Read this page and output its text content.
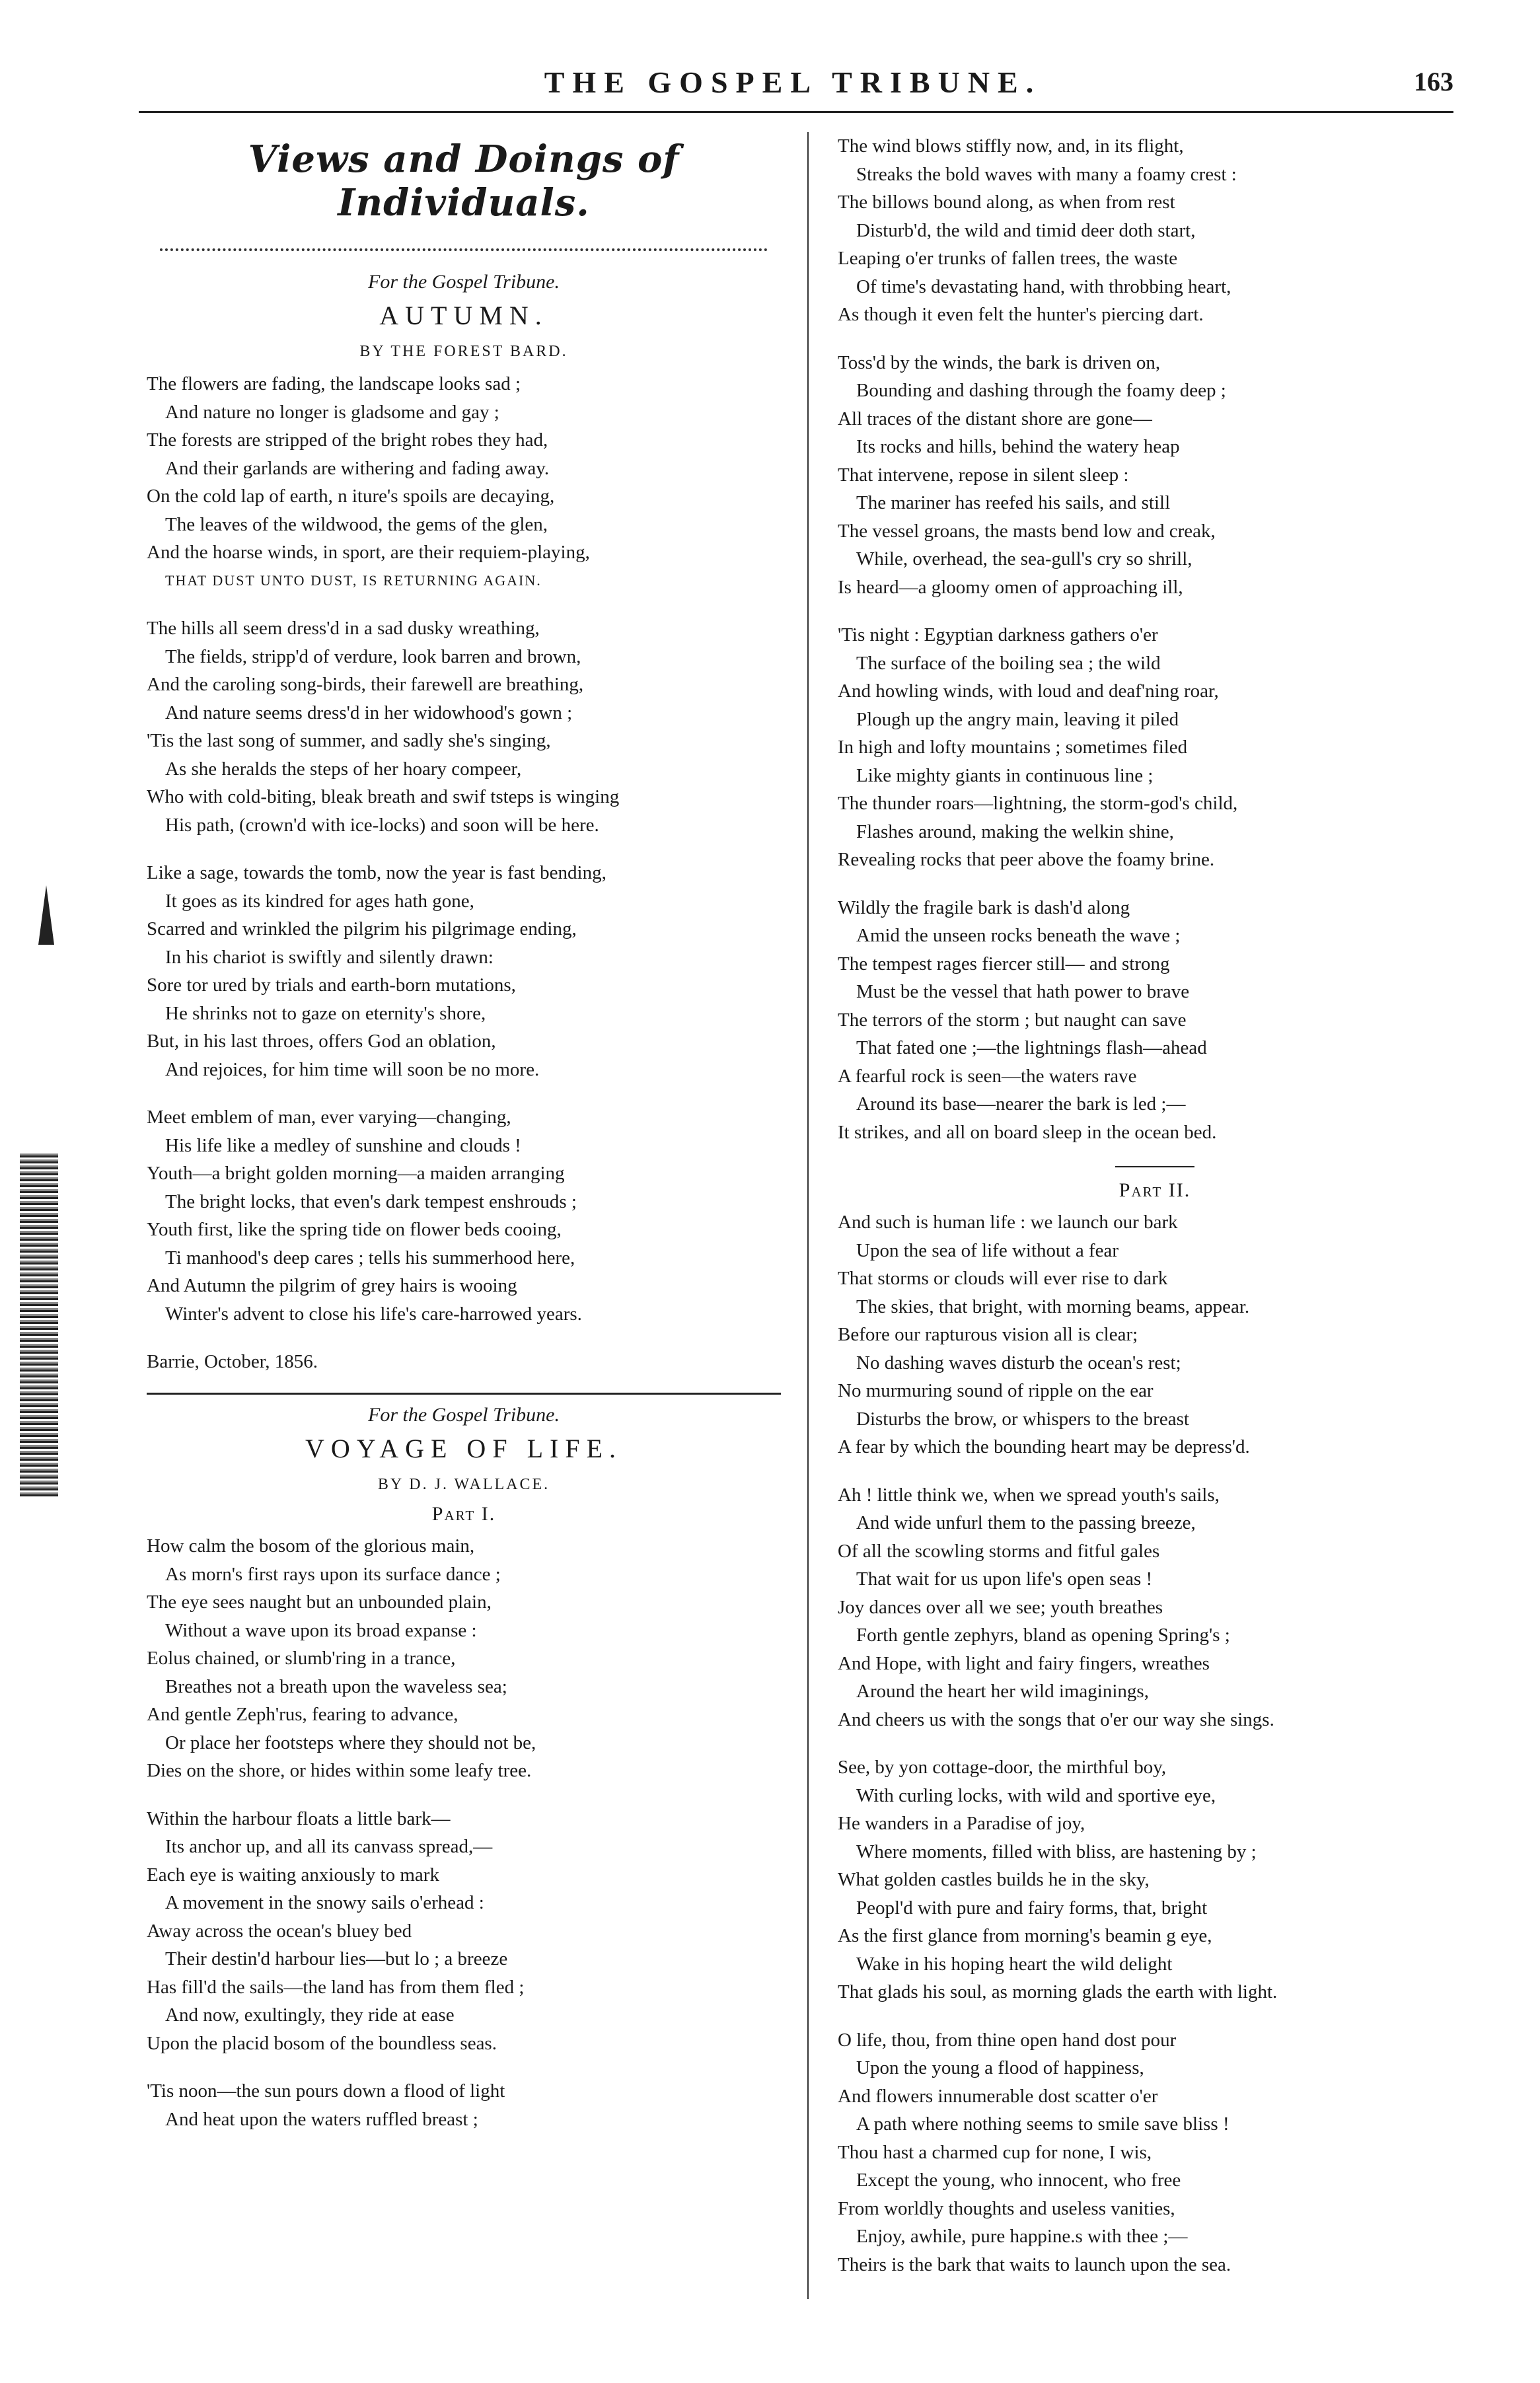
THE GOSPEL TRIBUNE.	163
Views and Doings of Individuals.
For the Gospel Tribune.
AUTUMN.
BY THE FOREST BARD.
The flowers are fading, the landscape looks sad ;
And nature no longer is gladsome and gay ;
The forests are stripped of the bright robes they had,
And their garlands are withering and fading away.
On the cold lap of earth, n iture's spoils are decaying,
The leaves of the wildwood, the gems of the glen,
And the hoarse winds, in sport, are their requiem-playing,
THAT DUST UNTO DUST, IS RETURNING AGAIN.
The hills all seem dress'd in a sad dusky wreathing,
The fields, stripp'd of verdure, look barren and brown,
And the caroling song-birds, their farewell are breathing,
And nature seems dress'd in her widowhood's gown ;
'Tis the last song of summer, and sadly she's singing,
As she heralds the steps of her hoary compeer,
Who with cold-biting, bleak breath and swif tsteps is winging
His path, (crown'd with ice-locks) and soon will be here.
Like a sage, towards the tomb, now the year is fast bending,
It goes as its kindred for ages hath gone,
Scarred and wrinkled the pilgrim his pilgrimage ending,
In his chariot is swiftly and silently drawn:
Sore tor ured by trials and earth-born mutations,
He shrinks not to gaze on eternity's shore,
But, in his last throes, offers God an oblation,
And rejoices, for him time will soon be no more.
Meet emblem of man, ever varying—changing,
His life like a medley of sunshine and clouds !
Youth—a bright golden morning—a maiden arranging
The bright locks, that even's dark tempest enshrouds ;
Youth first, like the spring tide on flower beds cooing,
Ti manhood's deep cares ; tells his summerhood here,
And Autumn the pilgrim of grey hairs is wooing
Winter's advent to close his life's care-harrowed years.
Barrie, October, 1856.
For the Gospel Tribune.
VOYAGE OF LIFE.
BY D. J. WALLACE.
Part I.
How calm the bosom of the glorious main,
As morn's first rays upon its surface dance ;
The eye sees naught but an unbounded plain,
Without a wave upon its broad expanse :
Eolus chained, or slumb'ring in a trance,
Breathes not a breath upon the waveless sea;
And gentle Zeph'rus, fearing to advance,
Or place her footsteps where they should not be,
Dies on the shore, or hides within some leafy tree.
Within the harbour floats a little bark—
Its anchor up, and all its canvass spread,—
Each eye is waiting anxiously to mark
A movement in the snowy sails o'erhead :
Away across the ocean's bluey bed
Their destin'd harbour lies—but lo ; a breeze
Has fill'd the sails—the land has from them fled ;
And now, exultingly, they ride at ease
Upon the placid bosom of the boundless seas.
'Tis noon—the sun pours down a flood of light
And heat upon the waters ruffled breast ;
The wind blows stiffly now, and, in its flight,
Streaks the bold waves with many a foamy crest :
The billows bound along, as when from rest
Disturb'd, the wild and timid deer doth start,
Leaping o'er trunks of fallen trees, the waste
Of time's devastating hand, with throbbing heart,
As though it even felt the hunter's piercing dart.
Toss'd by the winds, the bark is driven on,
Bounding and dashing through the foamy deep ;
All traces of the distant shore are gone—
Its rocks and hills, behind the watery heap
That intervene, repose in silent sleep :
The mariner has reefed his sails, and still
The vessel groans, the masts bend low and creak,
While, overhead, the sea-gull's cry so shrill,
Is heard—a gloomy omen of approaching ill,
'Tis night : Egyptian darkness gathers o'er
The surface of the boiling sea ; the wild
And howling winds, with loud and deaf'ning roar,
Plough up the angry main, leaving it piled
In high and lofty mountains ; sometimes filed
Like mighty giants in continuous line ;
The thunder roars—lightning, the storm-god's child,
Flashes around, making the welkin shine,
Revealing rocks that peer above the foamy brine.
Wildly the fragile bark is dash'd along
Amid the unseen rocks beneath the wave ;
The tempest rages fiercer still— and strong
Must be the vessel that hath power to brave
The terrors of the storm ; but naught can save
That fated one ;—the lightnings flash—ahead
A fearful rock is seen—the waters rave
Around its base—nearer the bark is led ;—
It strikes, and all on board sleep in the ocean bed.
Part II.
And such is human life : we launch our bark
Upon the sea of life without a fear
That storms or clouds will ever rise to dark
The skies, that bright, with morning beams, appear.
Before our rapturous vision all is clear;
No dashing waves disturb the ocean's rest;
No murmuring sound of ripple on the ear
Disturbs the brow, or whispers to the breast
A fear by which the bounding heart may be depress'd.
Ah ! little think we, when we spread youth's sails,
And wide unfurl them to the passing breeze,
Of all the scowling storms and fitful gales
That wait for us upon life's open seas !
Joy dances over all we see; youth breathes
Forth gentle zephyrs, bland as opening Spring's ;
And Hope, with light and fairy fingers, wreathes
Around the heart her wild imaginings,
And cheers us with the songs that o'er our way she sings.
See, by yon cottage-door, the mirthful boy,
With curling locks, with wild and sportive eye,
He wanders in a Paradise of joy,
Where moments, filled with bliss, are hastening by ;
What golden castles builds he in the sky,
Peopl'd with pure and fairy forms, that, bright
As the first glance from morning's beamin g eye,
Wake in his hoping heart the wild delight
That glads his soul, as morning glads the earth with light.
O life, thou, from thine open hand dost pour
Upon the young a flood of happiness,
And flowers innumerable dost scatter o'er
A path where nothing seems to smile save bliss !
Thou hast a charmed cup for none, I wis,
Except the young, who innocent, who free
From worldly thoughts and useless vanities,
Enjoy, awhile, pure happine.s with thee ;—
Theirs is the bark that waits to launch upon the sea.
